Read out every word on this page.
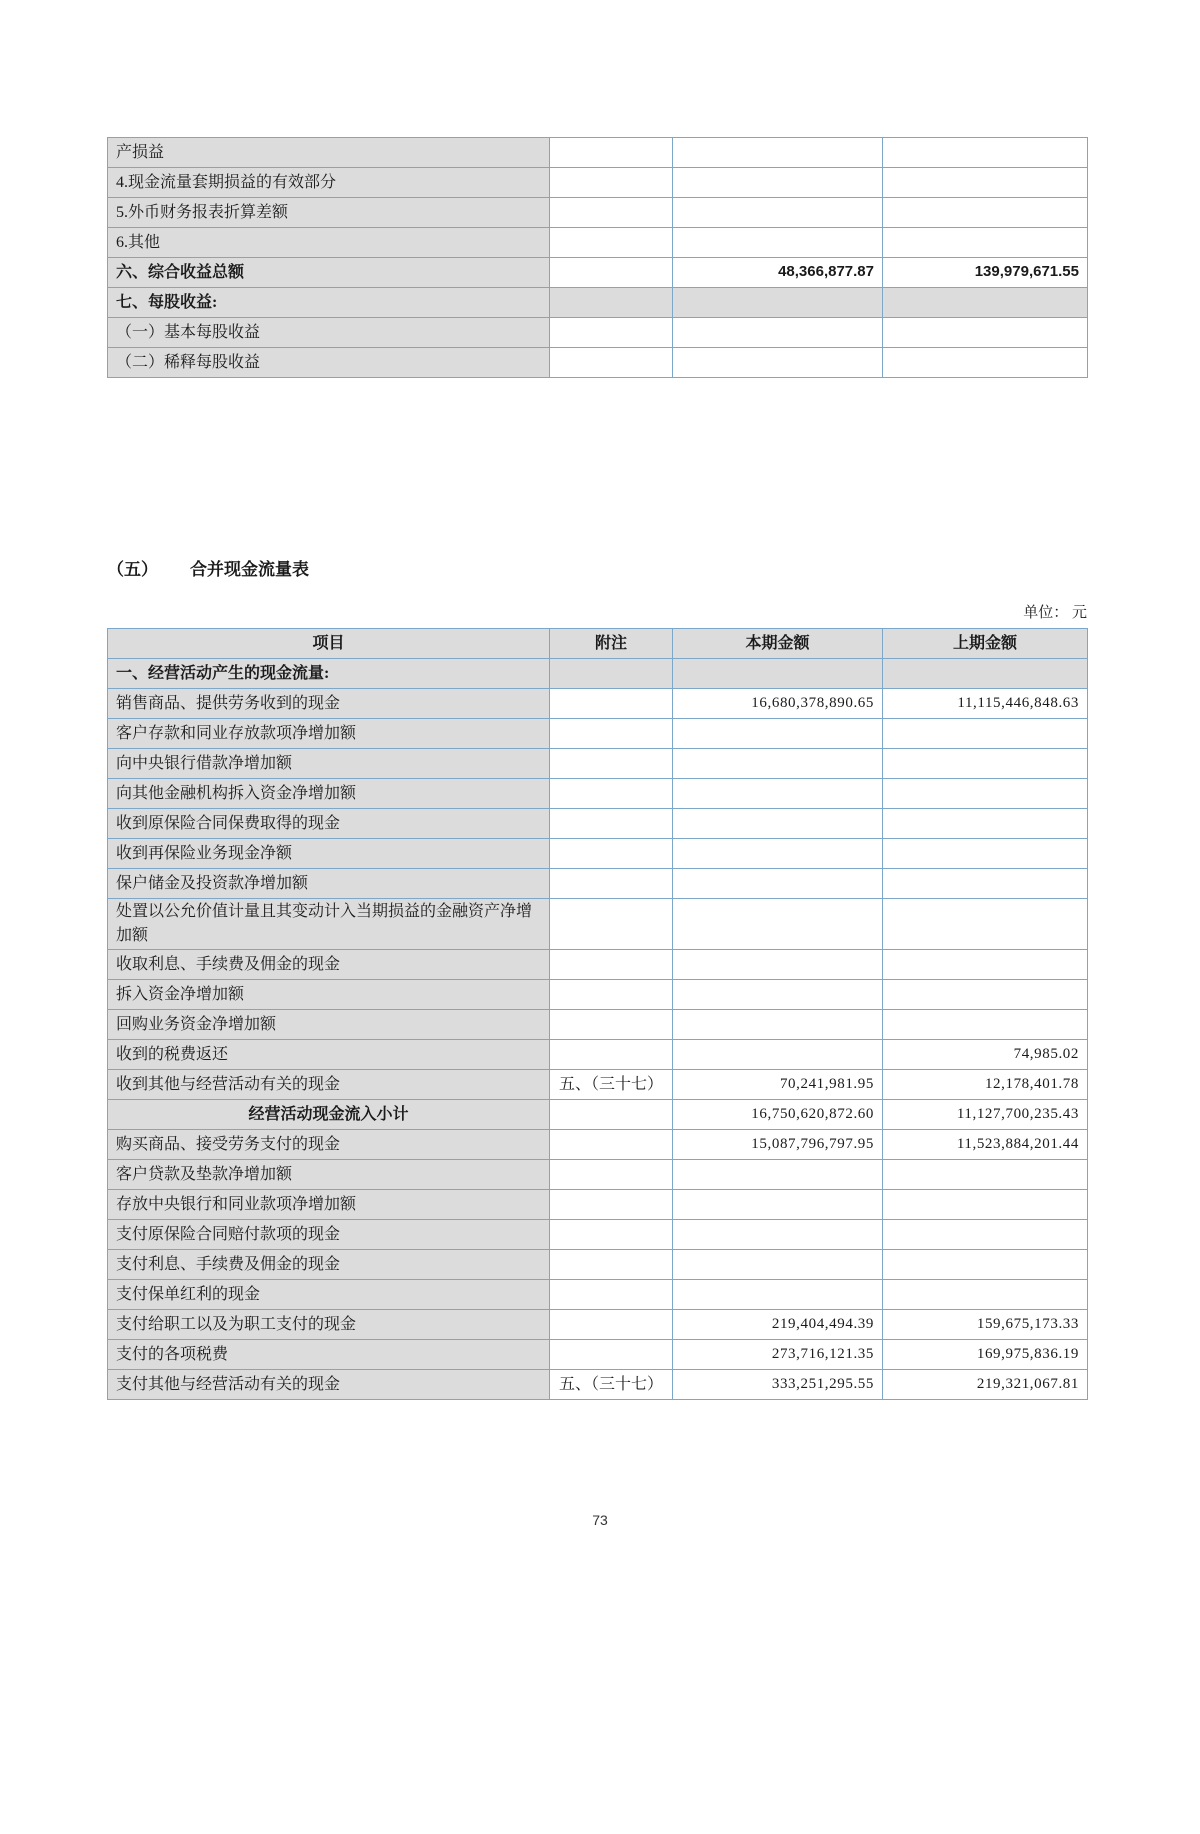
产损益			
4.现金流量套期损益的有效部分			
5.外币财务报表折算差额			
6.其他			
六、综合收益总额		48,366,877.87	139,979,671.55
七、每股收益:			
（一）基本每股收益			
（二）稀释每股收益			
（五） 合并现金流量表
单位： 元
项目	附注	本期金额	上期金额
一、经营活动产生的现金流量:			
销售商品、提供劳务收到的现金		16,680,378,890.65	11,115,446,848.63
客户存款和同业存放款项净增加额			
向中央银行借款净增加额			
向其他金融机构拆入资金净增加额			
收到原保险合同保费取得的现金			
收到再保险业务现金净额			
保户储金及投资款净增加额			
处置以公允价值计量且其变动计入当期损益的金融资产净增加额			
收取利息、手续费及佣金的现金			
拆入资金净增加额			
回购业务资金净增加额			
收到的税费返还			74,985.02
收到其他与经营活动有关的现金	五、（三十七）	70,241,981.95	12,178,401.78
经营活动现金流入小计		16,750,620,872.60	11,127,700,235.43
购买商品、接受劳务支付的现金		15,087,796,797.95	11,523,884,201.44
客户贷款及垫款净增加额			
存放中央银行和同业款项净增加额			
支付原保险合同赔付款项的现金			
支付利息、手续费及佣金的现金			
支付保单红利的现金			
支付给职工以及为职工支付的现金		219,404,494.39	159,675,173.33
支付的各项税费		273,716,121.35	169,975,836.19
支付其他与经营活动有关的现金	五、（三十七）	333,251,295.55	219,321,067.81
73
